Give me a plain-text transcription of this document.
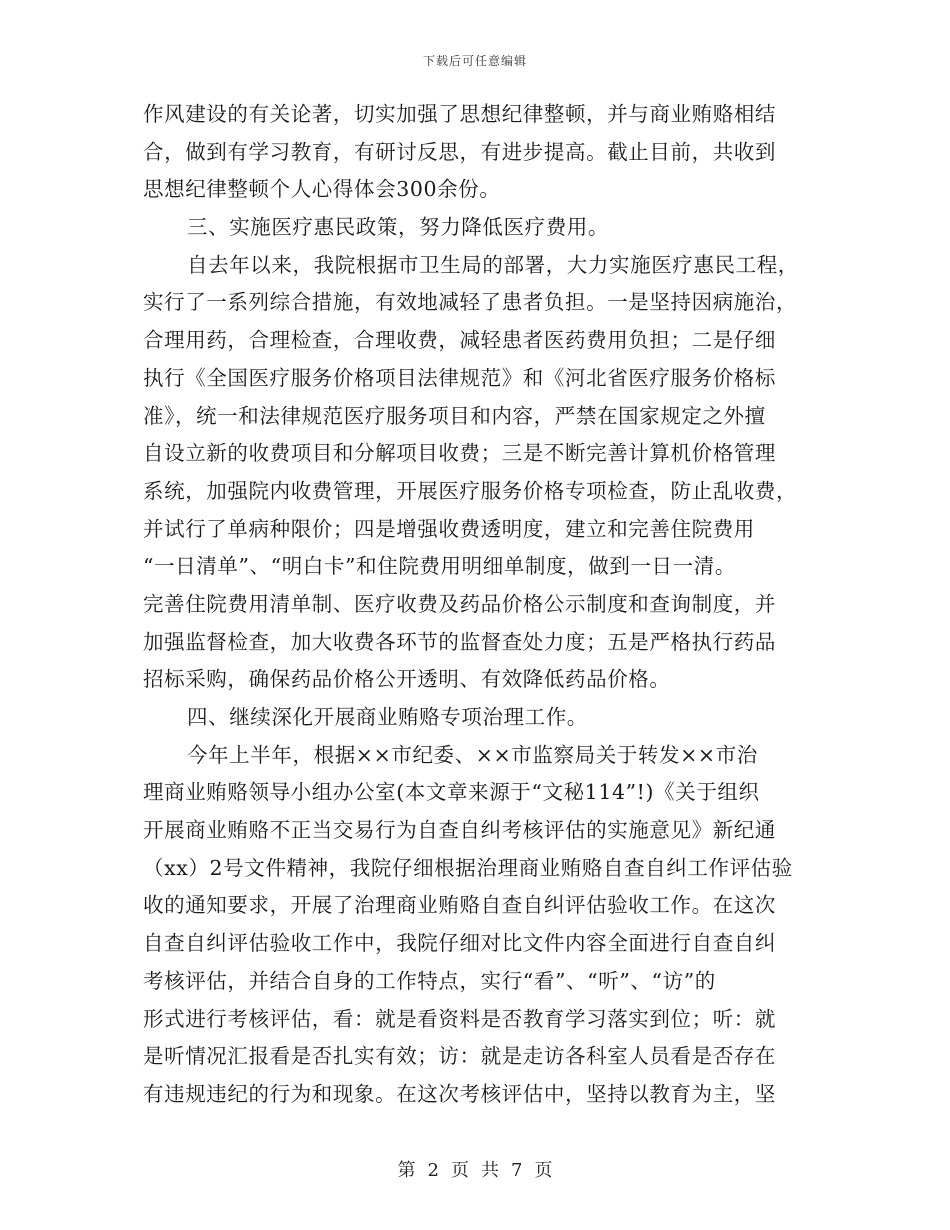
下载后可任意编辑
作风建设的有关论著，切实加强了思想纪律整顿，并与商业贿赂相结
合，做到有学习教育，有研讨反思，有进步提高。截止目前，共收到
思想纪律整顿个人心得体会300余份。
三、实施医疗惠民政策，努力降低医疗费用。
自去年以来，我院根据市卫生局的部署，大力实施医疗惠民工程，
实行了一系列综合措施，有效地减轻了患者负担。一是坚持因病施治，
合理用药，合理检查，合理收费，减轻患者医药费用负担；二是仔细
执行《全国医疗服务价格项目法律规范》和《河北省医疗服务价格标
准》，统一和法律规范医疗服务项目和内容，严禁在国家规定之外擅
自设立新的收费项目和分解项目收费；三是不断完善计算机价格管理
系统，加强院内收费管理，开展医疗服务价格专项检查，防止乱收费，
并试行了单病种限价；四是增强收费透明度，建立和完善住院费用
“一日清单”、“明白卡”和住院费用明细单制度，做到一日一清。
完善住院费用清单制、医疗收费及药品价格公示制度和查询制度，并
加强监督检查，加大收费各环节的监督查处力度；五是严格执行药品
招标采购，确保药品价格公开透明、有效降低药品价格。
四、继续深化开展商业贿赂专项治理工作。
今年上半年，根据××市纪委、××市监察局关于转发××市治
理商业贿赂领导小组办公室(本文章来源于“文秘114”!)《关于组织
开展商业贿赂不正当交易行为自查自纠考核评估的实施意见》新纪通
（xx）2号文件精神，我院仔细根据治理商业贿赂自查自纠工作评估验
收的通知要求，开展了治理商业贿赂自查自纠评估验收工作。在这次
自查自纠评估验收工作中，我院仔细对比文件内容全面进行自查自纠
考核评估，并结合自身的工作特点，实行“看”、“听”、“访”的
形式进行考核评估，看：就是看资料是否教育学习落实到位；听：就
是听情况汇报看是否扎实有效；访：就是走访各科室人员看是否存在
有违规违纪的行为和现象。在这次考核评估中，坚持以教育为主，坚
第 2 页 共 7 页
